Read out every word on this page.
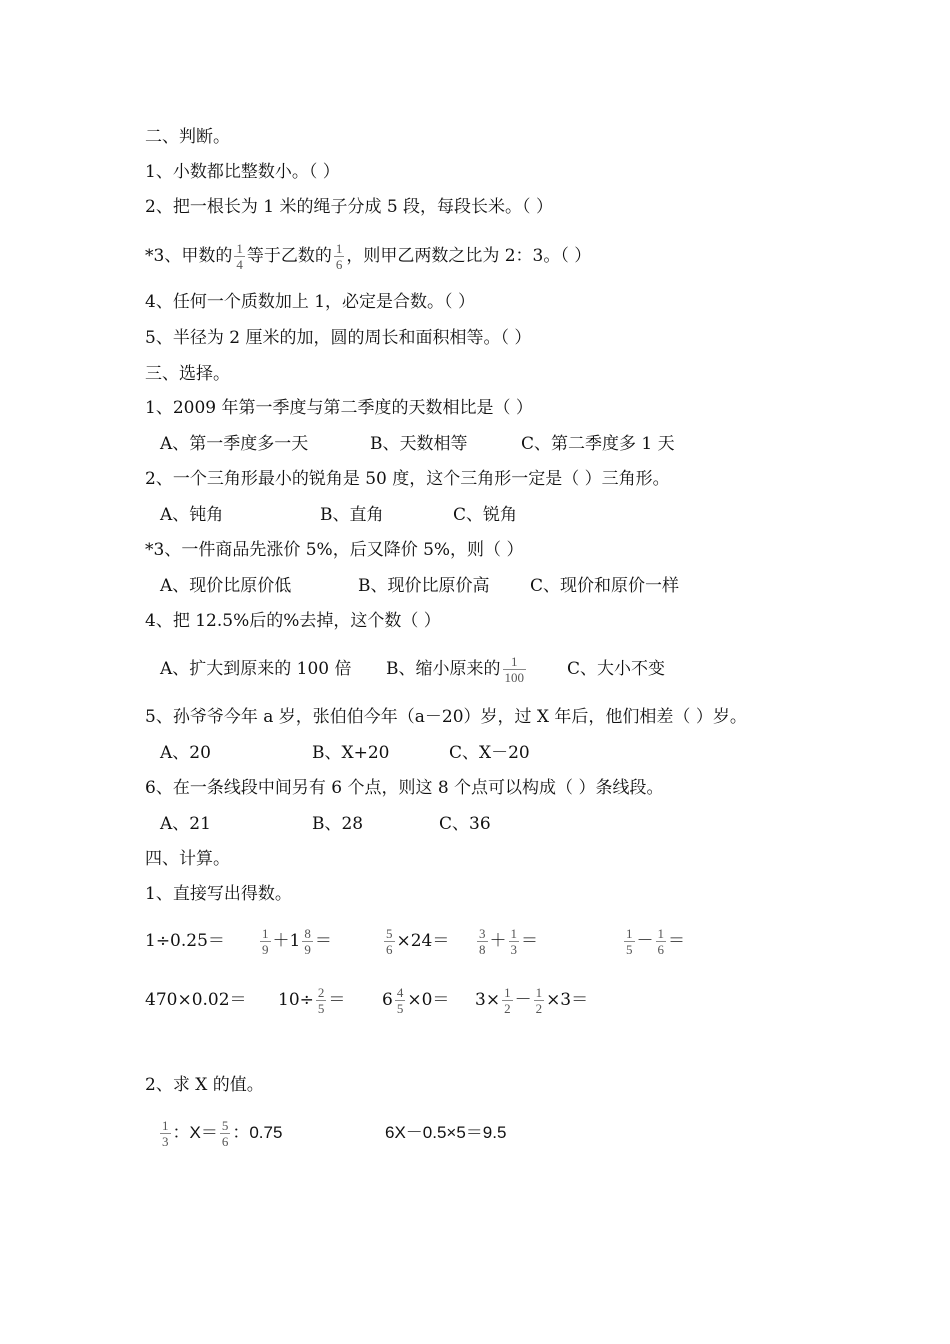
二、判断。
1、小数都比整数小。（ ）
2、把一根长为 1 米的绳子分成 5 段，每段长米。（ ）
*3、甲数的 $\frac{1}{4}$ 等于乙数的 $\frac{1}{6}$ ，则甲乙两数之比为 2：3。（ ）
4、任何一个质数加上 1，必定是合数。（ ）
5、半径为 2 厘米的加，圆的周长和面积相等。（ ）
三、选择。
1、2009 年第一季度与第二季度的天数相比是（ ）
A、第一季度多一天	B、天数相等	C、第二季度多 1 天
2、一个三角形最小的锐角是 50 度，这个三角形一定是（ ）三角形。
A、钝角	B、直角	C、锐角
*3、一件商品先涨价 5%，后又降价 5%，则（ ）
A、现价比原价低	B、现价比原价高 C、现价和原价一样
4、把 12.5%后的%去掉，这个数（ ）
A、扩大到原来的 100 倍 B、缩小原来的 $\frac{1}{100}$ C、大小不变
5、孙爷爷今年 a 岁，张伯伯今年（a－20）岁，过 X 年后，他们相差（ ）岁。
A、20	B、X+20	C、X－20
6、在一条线段中间另有 6 个点，则这 8 个点可以构成（ ）条线段。
A、21	B、28	C、36
四、计算。
1、直接写出得数。
1÷0.25＝	$\frac{1}{9} +1 \frac{8}{9}$ ＝	$\frac{5}{6} \times 24= \frac{3}{8} + \frac{1}{3}$ ＝	$\frac{1}{5} - \frac{1}{6}$ ＝
$470\times 0.02= 10\div \frac{2}{5} = 6 \frac{4}{5} \times 0= 3\times \frac{1}{2} - \frac{1}{2} \times 3=$
2、求 X 的值。
$\frac{1}{3}$ ：$X= \frac{5}{6}$ ：0.75	6X－0.5×5＝9.5
